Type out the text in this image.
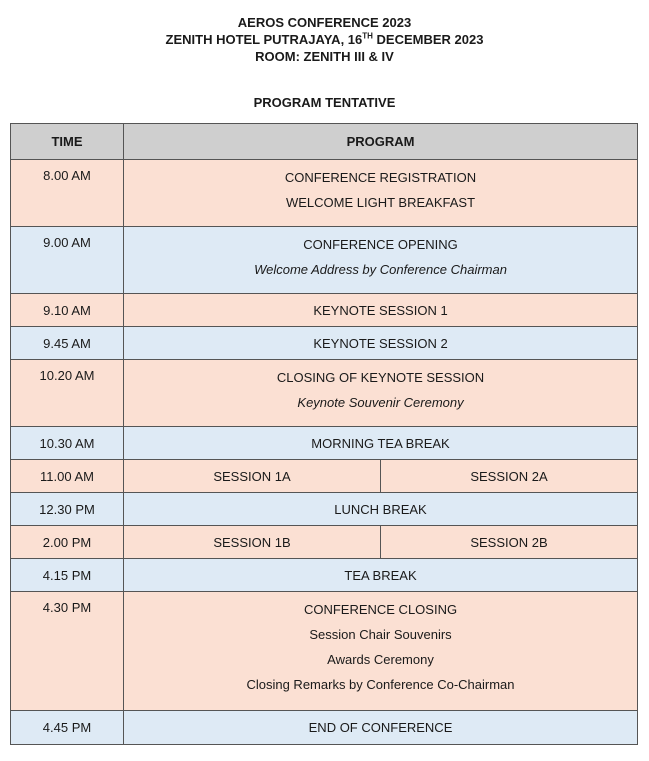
AEROS CONFERENCE 2023
ZENITH HOTEL PUTRAJAYA, 16TH DECEMBER 2023
ROOM: ZENITH III & IV
PROGRAM TENTATIVE
TIME	PROGRAM	
8.00 AM	CONFERENCE REGISTRATION
WELCOME LIGHT BREAKFAST	

9.00 AM	CONFERENCE OPENING
Welcome Address by Conference Chairman	

9.10 AM	KEYNOTE SESSION 1	
9.45 AM	KEYNOTE SESSION 2	
10.20 AM	CLOSING OF KEYNOTE SESSION
Keynote Souvenir Ceremony	

10.30 AM	MORNING TEA BREAK	
11.00 AM	SESSION 1A	SESSION 2A
12.30 PM	LUNCH BREAK	
2.00 PM	SESSION 1B	SESSION 2B
4.15 PM	TEA BREAK	
4.30 PM	CONFERENCE CLOSING
Session Chair Souvenirs
Awards Ceremony
Closing Remarks by Conference Co-Chairman	

4.45 PM	END OF CONFERENCE	
